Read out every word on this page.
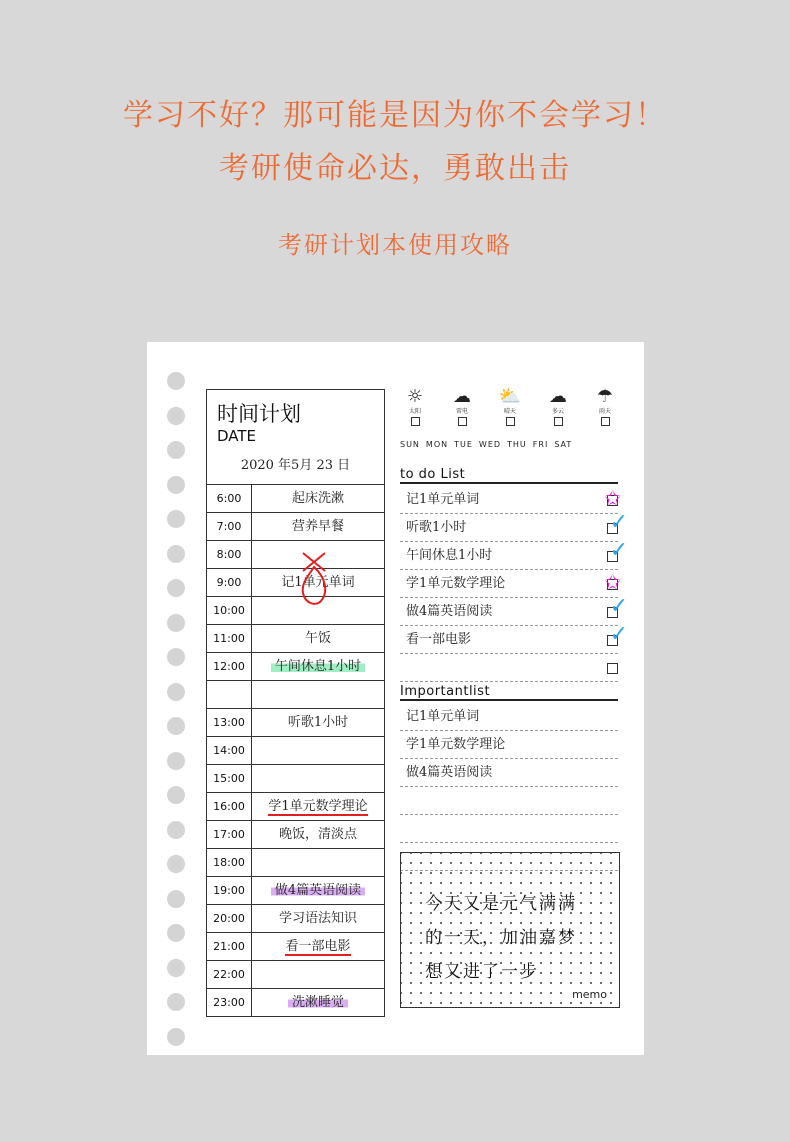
学习不好？那可能是因为你不会学习！
考研使命必达，勇敢出击
考研计划本使用攻略
时间计划
DATE
2020 年5月 23 日
6:00	起床洗漱
7:00	营养早餐
8:00
9:00	记1单元单词
10:00
11:00	午饭
12:00	午间休息1小时
13:00	听歌1小时
14:00
15:00
16:00	学1单元数学理论
17:00	晚饭，清淡点
18:00
19:00	做4篇英语阅读
20:00	学习语法知识
21:00	看一部电影
22:00
23:00	洗漱睡觉
☼
太阳
☁
雷电
⛅
晴天
☁
多云
☂
雨天
SUN MON TUE WED THU FRI SAT
to do List
记1单元单词	✩
听歌1小时	✓
午间休息1小时	✓
学1单元数学理论	✩
做4篇英语阅读	✓
看一部电影	✓
Importantlist
记1单元单词
学1单元数学理论
做4篇英语阅读
今天又是元气满满
的一天，加油嘉梦
想又进了一步
memo
